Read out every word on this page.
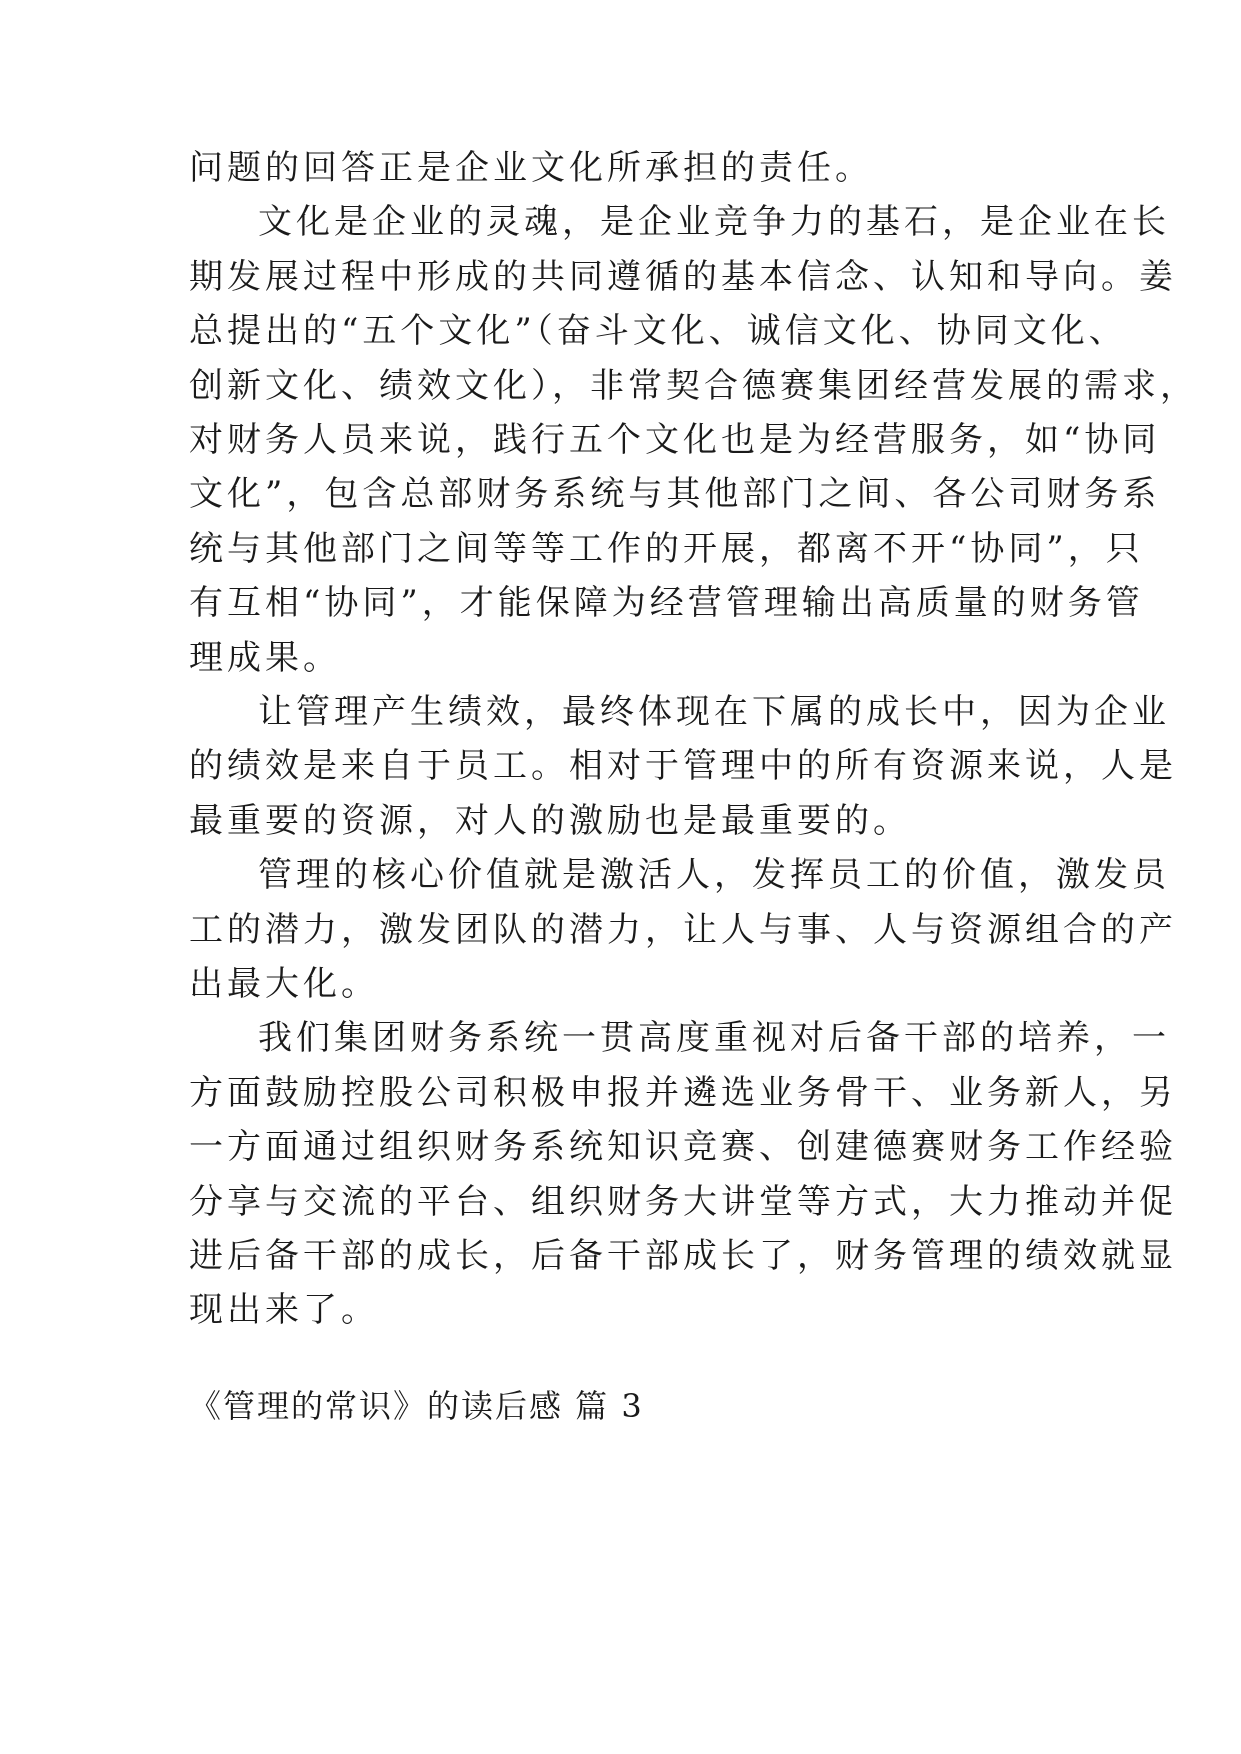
问题的回答正是企业文化所承担的责任。

文化是企业的灵魂，是企业竞争力的基石，是企业在长

期发展过程中形成的共同遵循的基本信念、认知和导向。姜

总提出的“五个文化”（奋斗文化、诚信文化、协同文化、

创新文化、绩效文化），非常契合德赛集团经营发展的需求，

对财务人员来说，践行五个文化也是为经营服务，如“协同

文化”，包含总部财务系统与其他部门之间、各公司财务系

统与其他部门之间等等工作的开展，都离不开“协同”，只

有互相“协同”，才能保障为经营管理输出高质量的财务管

理成果。

让管理产生绩效，最终体现在下属的成长中，因为企业

的绩效是来自于员工。相对于管理中的所有资源来说，人是

最重要的资源，对人的激励也是最重要的。

管理的核心价值就是激活人，发挥员工的价值，激发员

工的潜力，激发团队的潜力，让人与事、人与资源组合的产

出最大化。

我们集团财务系统一贯高度重视对后备干部的培养，一

方面鼓励控股公司积极申报并遴选业务骨干、业务新人，另

一方面通过组织财务系统知识竞赛、创建德赛财务工作经验

分享与交流的平台、组织财务大讲堂等方式，大力推动并促

进后备干部的成长，后备干部成长了，财务管理的绩效就显

现出来了。

《管理的常识》的读后感 篇 3
